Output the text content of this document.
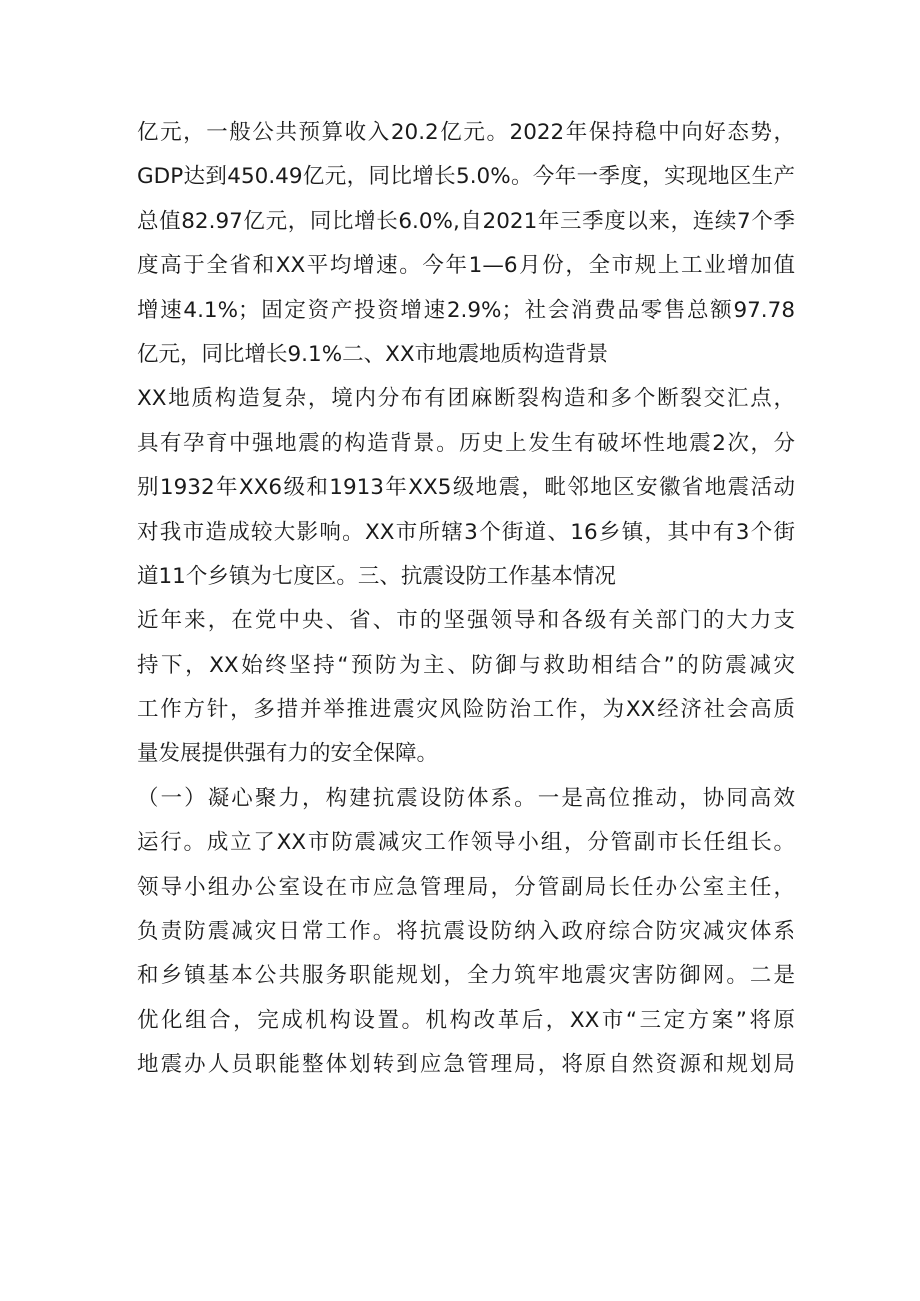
亿元，一般公共预算收入20.2亿元。2022年保持稳中向好态势，
GDP达到450.49亿元，同比增长5.0%。今年一季度，实现地区生产
总值82.97亿元，同比增长6.0%,自2021年三季度以来，连续7个季
度高于全省和XX平均增速。今年1—6月份，全市规上工业增加值
增速4.1%；固定资产投资增速2.9%；社会消费品零售总额97.78
亿元，同比增长9.1%二、XX市地震地质构造背景
XX地质构造复杂，境内分布有团麻断裂构造和多个断裂交汇点，
具有孕育中强地震的构造背景。历史上发生有破坏性地震2次，分
别1932年XX6级和1913年XX5级地震，毗邻地区安徽省地震活动
对我市造成较大影响。XX市所辖3个街道、16乡镇，其中有3个街
道11个乡镇为七度区。三、抗震设防工作基本情况
近年来，在党中央、省、市的坚强领导和各级有关部门的大力支
持下，XX始终坚持“预防为主、防御与救助相结合”的防震减灾
工作方针，多措并举推进震灾风险防治工作，为XX经济社会高质
量发展提供强有力的安全保障。
（一）凝心聚力，构建抗震设防体系。一是高位推动，协同高效
运行。成立了XX市防震减灾工作领导小组，分管副市长任组长。
领导小组办公室设在市应急管理局，分管副局长任办公室主任，
负责防震减灾日常工作。将抗震设防纳入政府综合防灾减灾体系
和乡镇基本公共服务职能规划，全力筑牢地震灾害防御网。二是
优化组合，完成机构设置。机构改革后，XX市“三定方案”将原
地震办人员职能整体划转到应急管理局，将原自然资源和规划局
